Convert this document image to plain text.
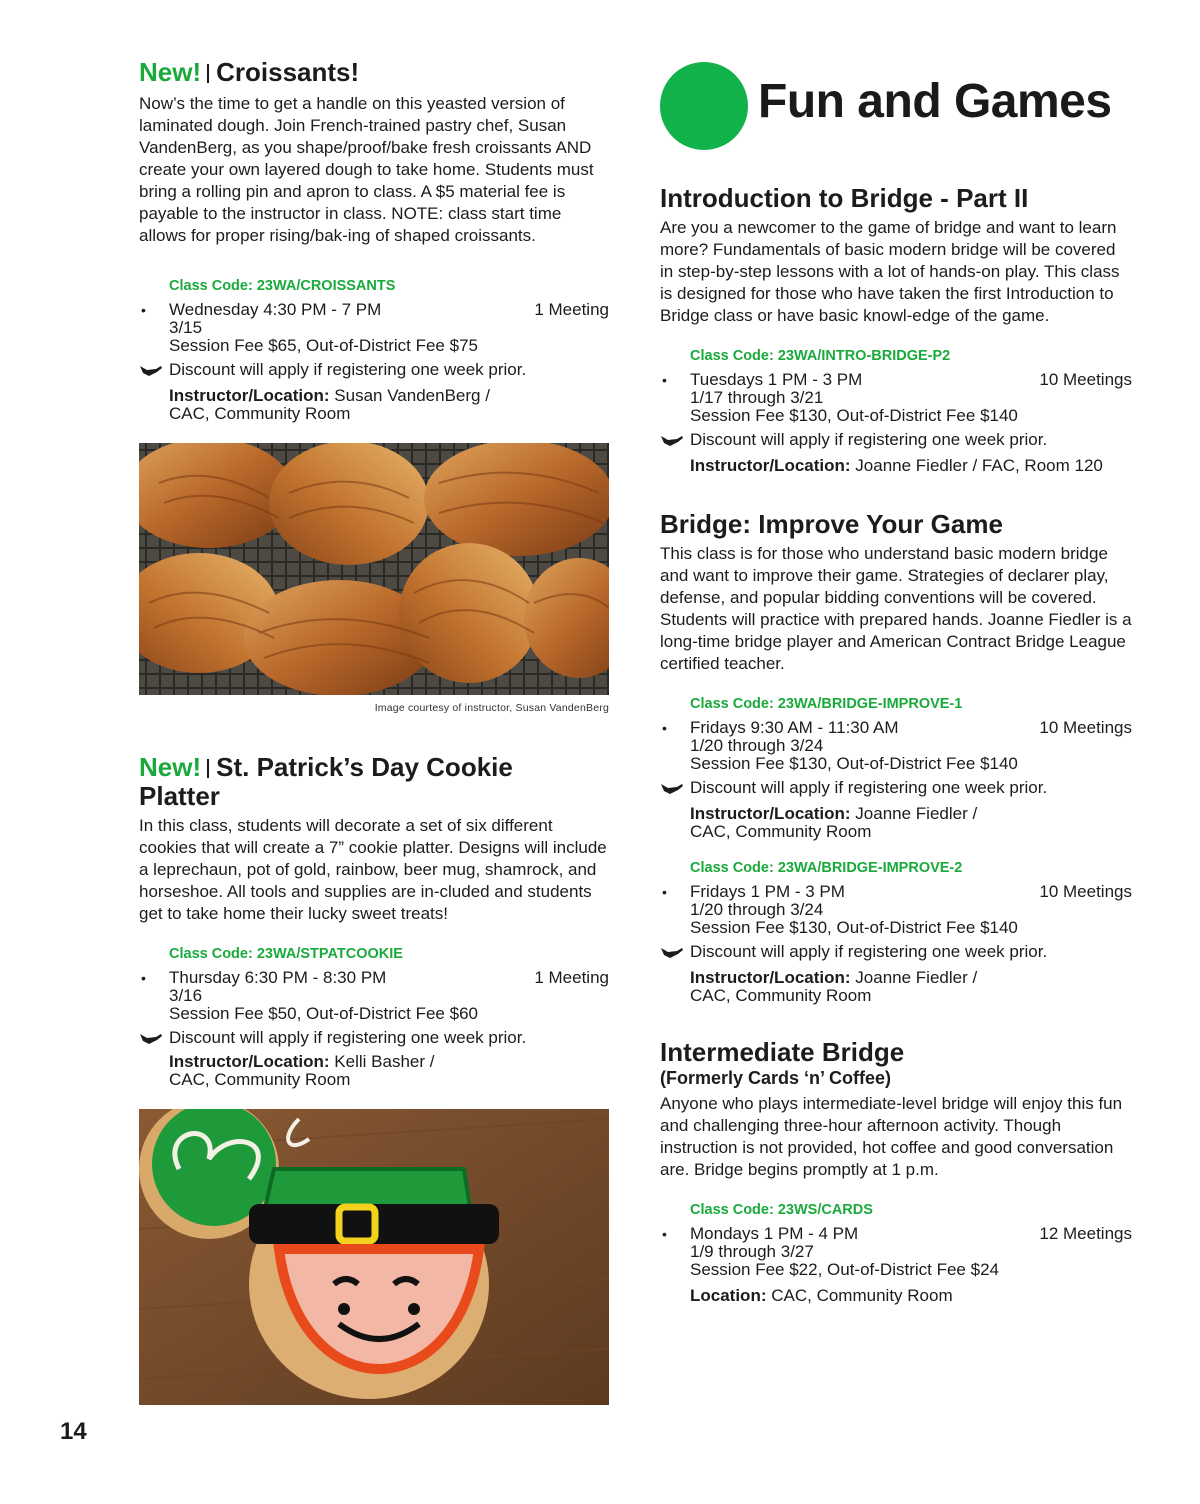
New! Croissants!

Now’s the time to get a handle on this yeasted version of laminated dough. Join French-trained pastry chef, Susan VandenBerg, as you shape/proof/bake fresh croissants AND create your own layered dough to take home. Students must bring a rolling pin and apron to class. A $5 material fee is payable to the instructor in class. NOTE: class start time allows for proper rising/bak-ing of shaped croissants.

Class Code: 23WA/CROISSANTS
• Wednesday 4:30 PM - 7 PM
3/15
Session Fee $65, Out-of-District Fee $75
1 Meeting
Discount will apply if registering one week prior.
Instructor/Location: Susan VandenBerg /
CAC, Community Room

Image courtesy of instructor, Susan VandenBerg

New! St. Patrick’s Day Cookie
Platter

In this class, students will decorate a set of six different cookies that will create a 7” cookie platter. Designs will include a leprechaun, pot of gold, rainbow, beer mug, shamrock, and horseshoe. All tools and supplies are in-cluded and students get to take home their lucky sweet treats!

Class Code: 23WA/STPATCOOKIE
• Thursday 6:30 PM - 8:30 PM
3/16
Session Fee $50, Out-of-District Fee $60
1 Meeting
Discount will apply if registering one week prior.
Instructor/Location: Kelli Basher /
CAC, Community Room
Fun and Games
Introduction to Bridge - Part II

Are you a newcomer to the game of bridge and want to learn more? Fundamentals of basic modern bridge will be covered in step-by-step lessons with a lot of hands-on play. This class is designed for those who have taken the first Introduction to Bridge class or have basic knowl-edge of the game.

Class Code: 23WA/INTRO-BRIDGE-P2
• Tuesdays 1 PM - 3 PM
1/17 through 3/21
Session Fee $130, Out-of-District Fee $140
10 Meetings
Discount will apply if registering one week prior.
Instructor/Location: Joanne Fiedler / FAC, Room 120
Bridge: Improve Your Game

This class is for those who understand basic modern bridge and want to improve their game. Strategies of declarer play, defense, and popular bidding conventions will be covered. Students will practice with prepared hands. Joanne Fiedler is a long-time bridge player and American Contract Bridge League certified teacher.

Class Code: 23WA/BRIDGE-IMPROVE-1
• Fridays 9:30 AM - 11:30 AM
1/20 through 3/24
Session Fee $130, Out-of-District Fee $140
10 Meetings
Discount will apply if registering one week prior.
Instructor/Location: Joanne Fiedler /
CAC, Community Room
Class Code: 23WA/BRIDGE-IMPROVE-2
• Fridays 1 PM - 3 PM
1/20 through 3/24
Session Fee $130, Out-of-District Fee $140
10 Meetings
Discount will apply if registering one week prior.
Instructor/Location: Joanne Fiedler /
CAC, Community Room
Intermediate Bridge
(Formerly Cards ‘n’ Coffee)

Anyone who plays intermediate-level bridge will enjoy this fun and challenging three-hour afternoon activity. Though instruction is not provided, hot coffee and good conversation are. Bridge begins promptly at 1 p.m.

Class Code: 23WS/CARDS
• Mondays 1 PM - 4 PM
1/9 through 3/27
Session Fee $22, Out-of-District Fee $24
12 Meetings
Location: CAC, Community Room
14
